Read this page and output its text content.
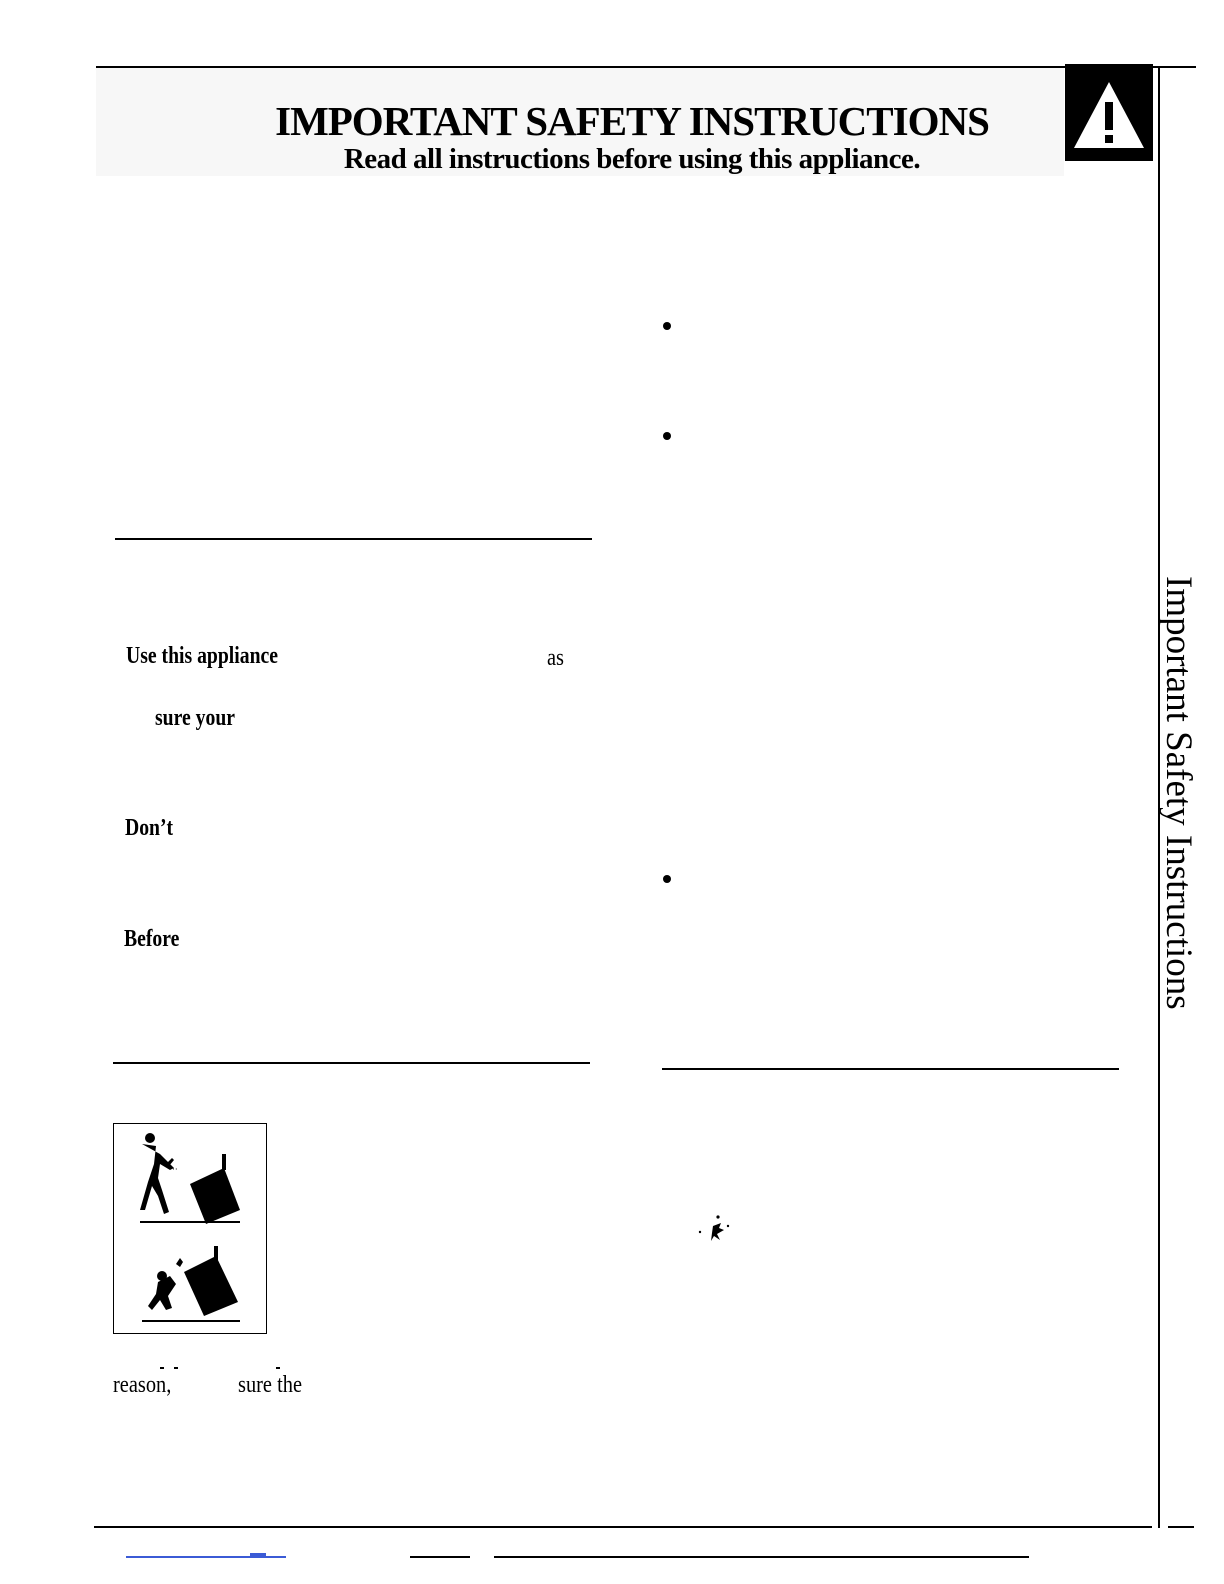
IMPORTANT SAFETY INSTRUCTIONS
Read all instructions before using this appliance.
Important Safety Instructions
Use this appliance	as
sure your
Don’t
Before
⋅⋅
reason,	sure the
